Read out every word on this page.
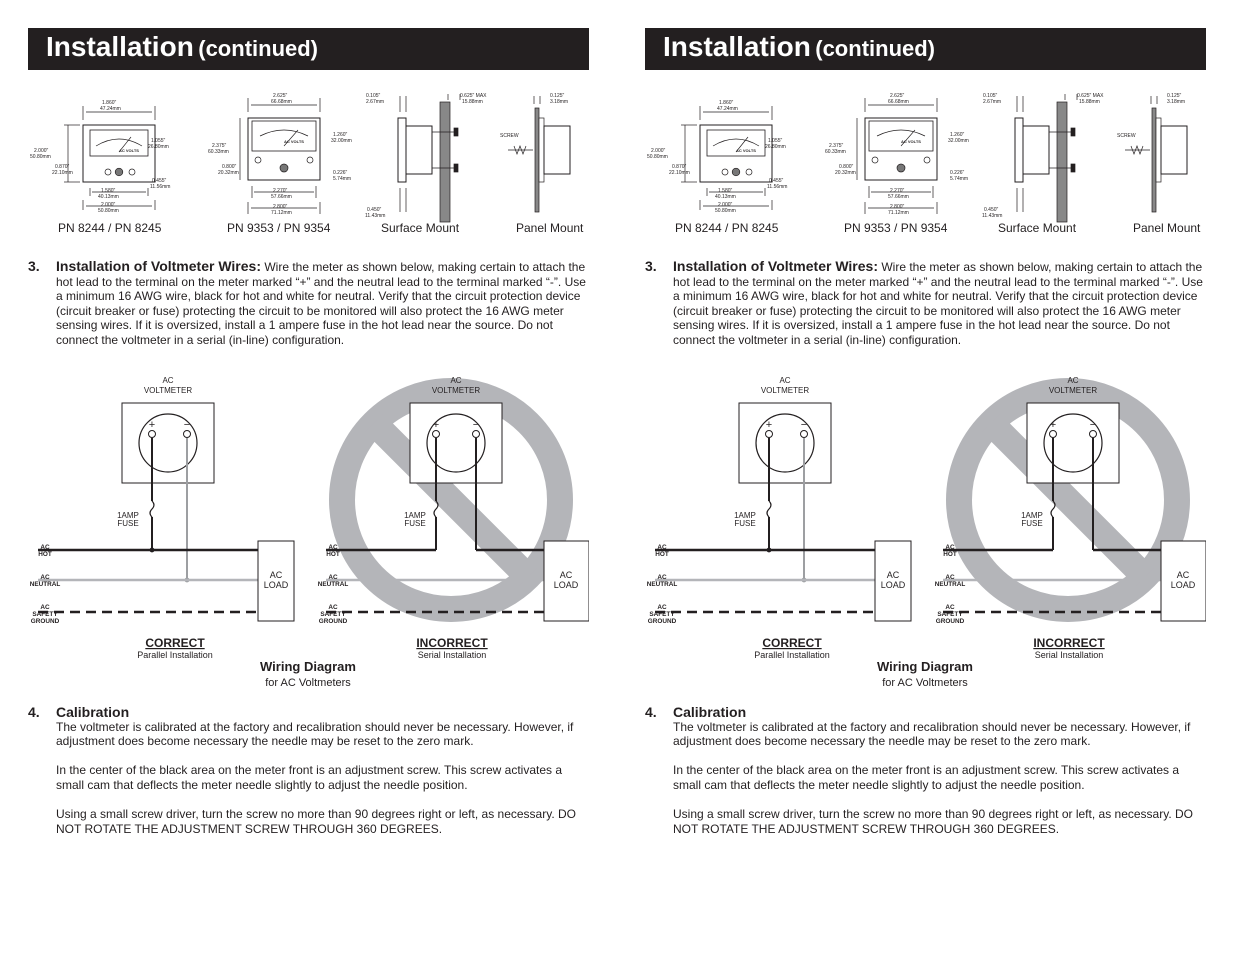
Installation (continued)
1.860"
47.24mm
2.000"
50.80mm
0.870"
22.10mm
1.055"
26.80mm
0.455"
11.56mm
1.580"
40.13mm
2.000"
50.80mm
AC VOLTS
2.625"
66.68mm
2.375"
60.33mm
0.800"
20.32mm
1.260"
32.00mm
0.226"
5.74mm
2.270"
57.66mm
2.800"
71.12mm
AC VOLTS
0.105"
2.67mm
0.625" MAX
15.88mm
0.450"
11.43mm
0.125"
3.18mm
SCREW
PN 8244 / PN 8245	PN 9353 / PN 9354	Surface Mount	Panel Mount
3. Installation of Voltmeter Wires: Wire the meter as shown below, making certain to attach the hot lead to the terminal on the meter marked “+” and the neutral lead to the terminal marked “-”. Use a minimum 16 AWG wire, black for hot and white for neutral. Verify that the circuit protection device (circuit breaker or fuse) protecting the circuit to be monitored will also protect the 16 AWG meter sensing wires. If it is oversized, install a 1 ampere fuse in the hot lead near the source. Do not connect the voltmeter in a serial (in-line) configuration.
AC
VOLTMETER
AC
VOLTMETER
1AMP
FUSE
1AMP
FUSE
AC
LOAD
AC
LOAD
CORRECT
Parallel Installation
INCORRECT
Serial Installation
Wiring Diagram
for AC Voltmeters
+	−	+	−
AC
HOT
AC
NEUTRAL
AC
SAFETY
GROUND
AC
HOT
AC
NEUTRAL
AC
SAFETY
GROUND
4. Calibration

The voltmeter is calibrated at the factory and recalibration should never be necessary. However, if adjustment does become necessary the needle may be reset to the zero mark.

In the center of the black area on the meter front is an adjustment screw. This screw activates a small cam that deflects the meter needle slightly to adjust the needle position.

Using a small screw driver, turn the screw no more than 90 degrees right or left, as necessary. DO NOT ROTATE THE ADJUSTMENT SCREW THROUGH 360 DEGREES.

Installation (continued)
1.860"
47.24mm
2.000"
50.80mm
0.870"
22.10mm
1.055"
26.80mm
0.455"
11.56mm
1.580"
40.13mm
2.000"
50.80mm
AC VOLTS
2.625"
66.68mm
2.375"
60.33mm
0.800"
20.32mm
1.260"
32.00mm
0.226"
5.74mm
2.270"
57.66mm
2.800"
71.12mm
AC VOLTS
0.105"
2.67mm
0.625" MAX
15.88mm
0.450"
11.43mm
0.125"
3.18mm
SCREW
PN 8244 / PN 8245	PN 9353 / PN 9354	Surface Mount	Panel Mount
3. Installation of Voltmeter Wires: Wire the meter as shown below, making certain to attach the hot lead to the terminal on the meter marked “+” and the neutral lead to the terminal marked “-”. Use a minimum 16 AWG wire, black for hot and white for neutral. Verify that the circuit protection device (circuit breaker or fuse) protecting the circuit to be monitored will also protect the 16 AWG meter sensing wires. If it is oversized, install a 1 ampere fuse in the hot lead near the source. Do not connect the voltmeter in a serial (in-line) configuration.
AC
VOLTMETER
AC
VOLTMETER
1AMP
FUSE
1AMP
FUSE
AC
LOAD
AC
LOAD
CORRECT
Parallel Installation
INCORRECT
Serial Installation
Wiring Diagram
for AC Voltmeters
+	−	+	−
AC
HOT
AC
NEUTRAL
AC
SAFETY
GROUND
AC
HOT
AC
NEUTRAL
AC
SAFETY
GROUND
4. Calibration

The voltmeter is calibrated at the factory and recalibration should never be necessary. However, if adjustment does become necessary the needle may be reset to the zero mark.

In the center of the black area on the meter front is an adjustment screw. This screw activates a small cam that deflects the meter needle slightly to adjust the needle position.

Using a small screw driver, turn the screw no more than 90 degrees right or left, as necessary. DO NOT ROTATE THE ADJUSTMENT SCREW THROUGH 360 DEGREES.
